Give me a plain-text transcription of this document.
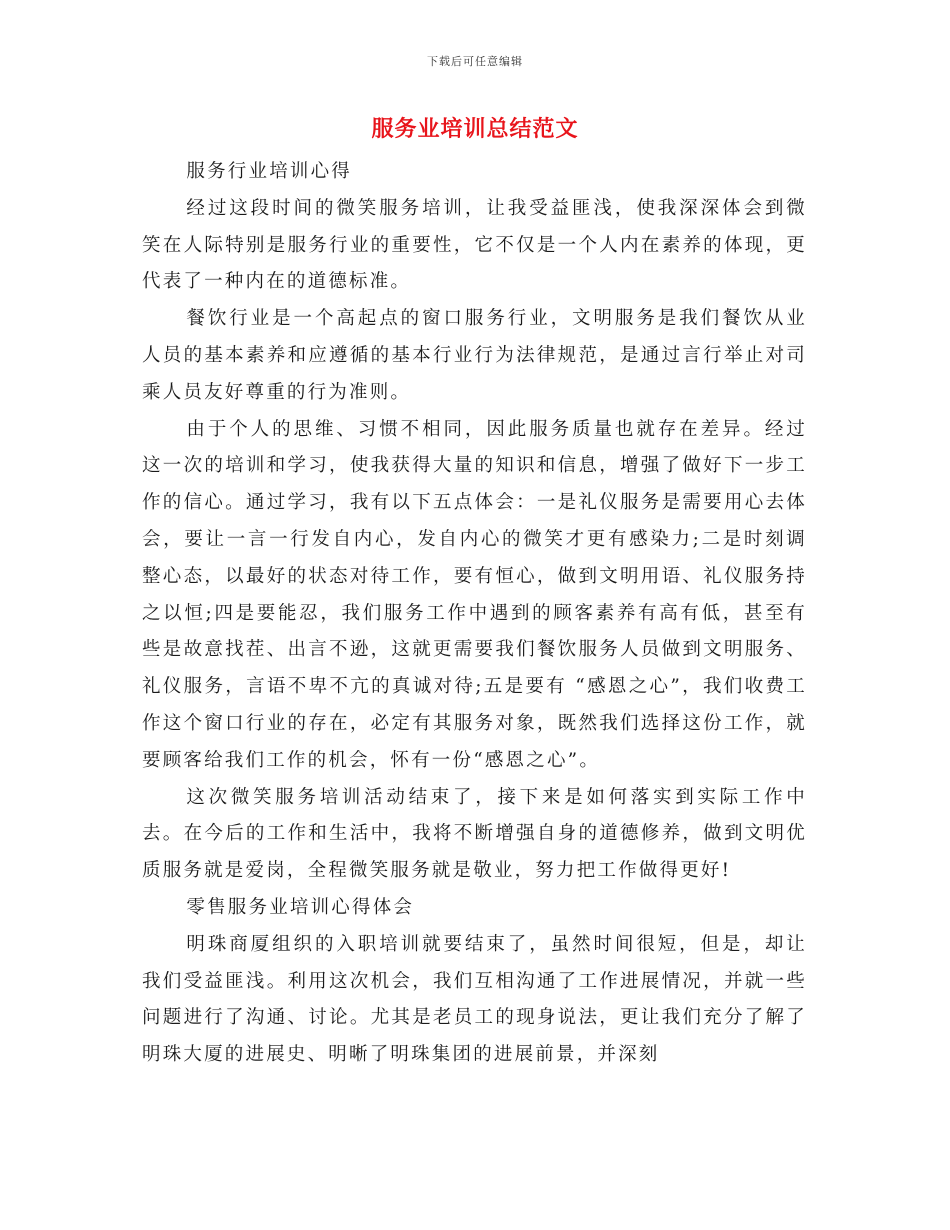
下载后可任意编辑
服务业培训总结范文

服务行业培训心得

经过这段时间的微笑服务培训，让我受益匪浅，使我深深体会到微笑在人际特别是服务行业的重要性，它不仅是一个人内在素养的体现，更代表了一种内在的道德标准。

餐饮行业是一个高起点的窗口服务行业，文明服务是我们餐饮从业人员的基本素养和应遵循的基本行业行为法律规范，是通过言行举止对司乘人员友好尊重的行为准则。

由于个人的思维、习惯不相同，因此服务质量也就存在差异。经过这一次的培训和学习，使我获得大量的知识和信息，增强了做好下一步工作的信心。通过学习，我有以下五点体会：一是礼仪服务是需要用心去体会，要让一言一行发自内心，发自内心的微笑才更有感染力;二是时刻调整心态，以最好的状态对待工作，要有恒心，做到文明用语、礼仪服务持之以恒;四是要能忍，我们服务工作中遇到的顾客素养有高有低，甚至有些是故意找茬、出言不逊，这就更需要我们餐饮服务人员做到文明服务、礼仪服务，言语不卑不亢的真诚对待;五是要有 “感恩之心”，我们收费工作这个窗口行业的存在，必定有其服务对象，既然我们选择这份工作，就要顾客给我们工作的机会，怀有一份“感恩之心”。

这次微笑服务培训活动结束了，接下来是如何落实到实际工作中去。在今后的工作和生活中，我将不断增强自身的道德修养，做到文明优质服务就是爱岗，全程微笑服务就是敬业，努力把工作做得更好!

零售服务业培训心得体会

明珠商厦组织的入职培训就要结束了，虽然时间很短，但是，却让我们受益匪浅。利用这次机会，我们互相沟通了工作进展情况，并就一些问题进行了沟通、讨论。尤其是老员工的现身说法，更让我们充分了解了明珠大厦的进展史、明晰了明珠集团的进展前景，并深刻
